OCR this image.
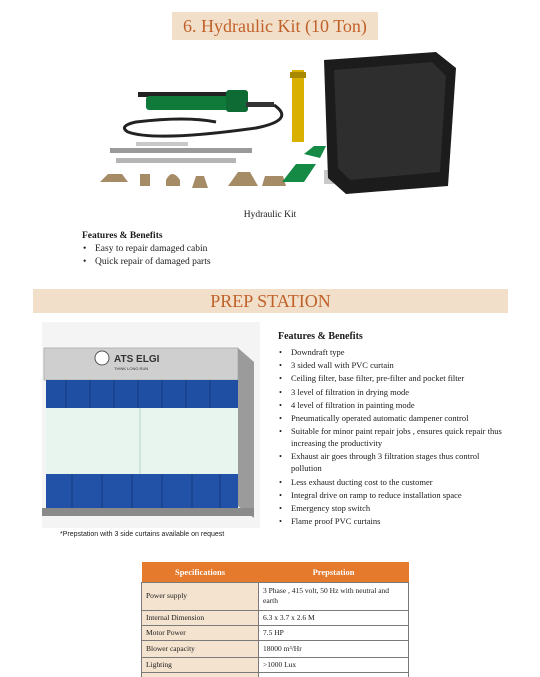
6. Hydraulic Kit (10 Ton)
Hydraulic Kit
Features & Benefits
• Easy to repair damaged cabin
• Quick repair of damaged parts
PREP STATION
ATS ELGI
THINK LONG RUN
*Prepstation with 3 side curtains available on request
Features & Benefits
• Downdraft type
• 3 sided wall with PVC curtain
• Ceiling filter, base filter, pre-filter and pocket filter
• 3 level of filtration in drying mode
• 4 level of filtration in painting mode
• Pneumatically operated automatic dampener control
• Suitable for minor paint repair jobs , ensures quick repair thus increasing the productivity
• Exhaust air goes through 3 filtration stages thus control pollution
• Less exhaust ducting cost to the customer
• Integral drive on ramp to reduce installation space
• Emergency stop switch
• Flame proof PVC curtains
Specifications	Prepstation
Power supply	3 Phase , 415 volt, 50 Hz with neutral and earth
Internal Dimension	6.3 x 3.7 x 2.6 M
Motor Power	7.5 HP
Blower capacity	18000 m³/Hr
Lighting	>1000 Lux
